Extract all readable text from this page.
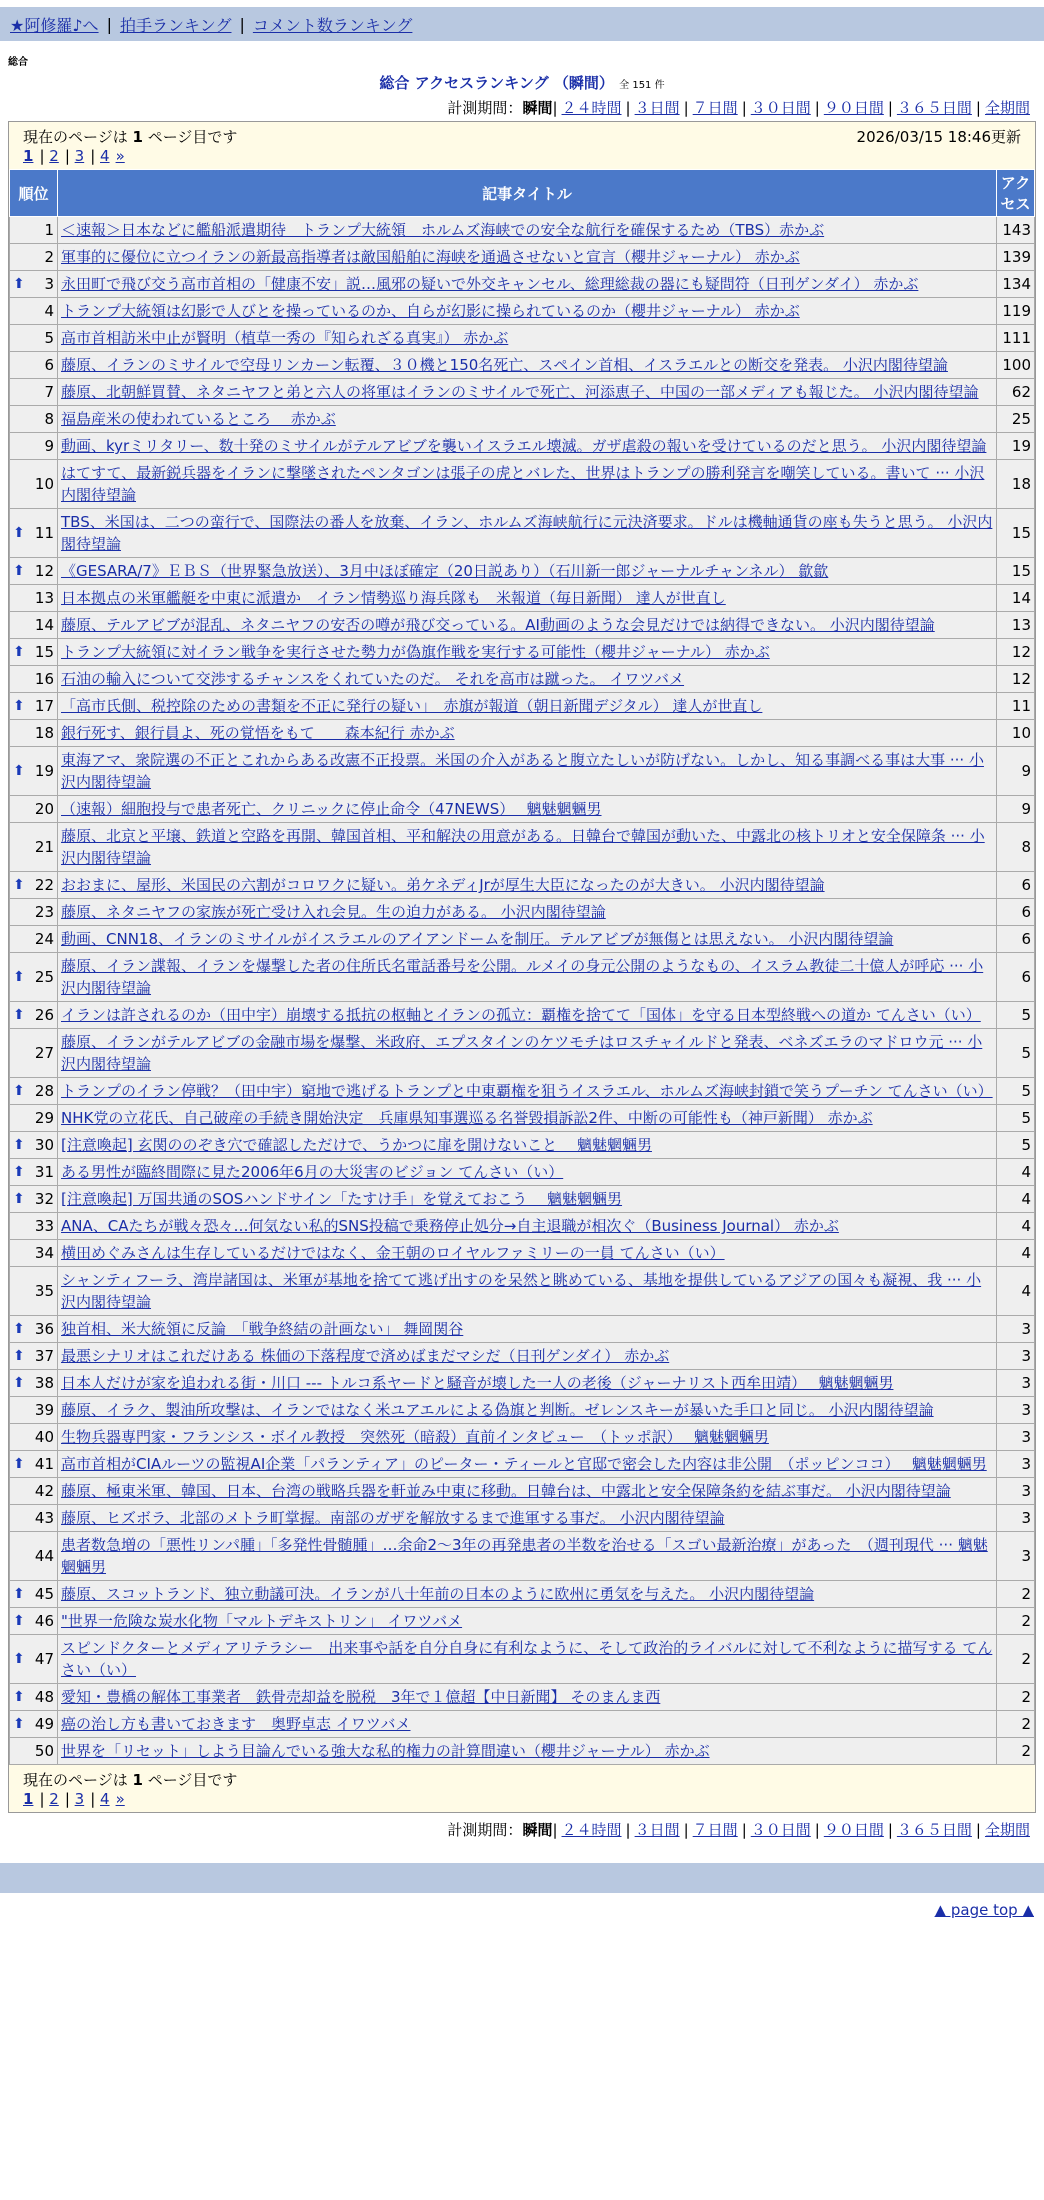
★阿修羅♪へ | 拍手ランキング | コメント数ランキング
総合
総合 アクセスランキング （瞬間） 全 151 件
計測期間：瞬間| ２４時間 | ３日間 | ７日間 | ３０日間 | ９０日間 | ３６５日間 | 全期間
現在のページは 1 ページ目です	2026/03/15 18:46更新
1 | 2 | 3 | 4 »
順位	記事タイトル	アクセス
1	＜速報＞日本などに艦船派遣期待　トランプ大統領　ホルムズ海峡での安全な航行を確保するため（TBS）赤かぶ	143
2	軍事的に優位に立つイランの新最高指導者は敵国船舶に海峡を通過させないと宣言（櫻井ジャーナル） 赤かぶ	139

⬆ 3	永田町で飛び交う高市首相の「健康不安」説…風邪の疑いで外交キャンセル、総理総裁の器にも疑問符（日刊ゲンダイ） 赤かぶ	134
4	トランプ大統領は幻影で人びとを操っているのか、自らが幻影に操られているのか（櫻井ジャーナル） 赤かぶ	119
5	高市首相訪米中止が賢明（植草一秀の『知られざる真実』） 赤かぶ	111
6	藤原、イランのミサイルで空母リンカーン転覆、３０機と150名死亡、スペイン首相、イスラエルとの断交を発表。 小沢内閣待望論	100
7	藤原、北朝鮮買賛、ネタニヤフと弟と六人の将軍はイランのミサイルで死亡、河添恵子、中国の一部メディアも報じた。 小沢内閣待望論	62
8	福島産米の使われているところ　 赤かぶ	25
9	動画、kyrミリタリー、数十発のミサイルがテルアビブを襲いイスラエル壊滅。ガザ虐殺の報いを受けているのだと思う。 小沢内閣待望論	19
10	はてすて、最新鋭兵器をイランに撃墜されたペンタゴンは張子の虎とバレた、世界はトランプの勝利発言を嘲笑している。書いて ··· 小沢内閣待望論	18

⬆ 11	TBS、米国は、二つの蛮行で、国際法の番人を放棄、イラン、ホルムズ海峡航行に元決済要求。ドルは機軸通貨の座も失うと思う。 小沢内閣待望論	15

⬆ 12	《GESARA/7》ＥＢＳ（世界緊急放送）、3月中ほぼ確定（20日説あり）（石川新一郎ジャーナルチャンネル） 歙歙	15
13	日本拠点の米軍艦艇を中東に派遣か　イラン情勢巡り海兵隊も　米報道（毎日新聞） 達人が世直し	14
14	藤原、テルアビブが混乱、ネタニヤフの安否の噂が飛び交っている。AI動画のような会見だけでは納得できない。 小沢内閣待望論	13

⬆ 15	トランプ大統領に対イラン戦争を実行させた勢力が偽旗作戦を実行する可能性（櫻井ジャーナル） 赤かぶ	12
16	石油の輸入について交渉するチャンスをくれていたのだ。 それを高市は蹴った。 イワツバメ	12

⬆ 17	「高市氏側、税控除のための書類を不正に発行の疑い」　赤旗が報道（朝日新聞デジタル） 達人が世直し	11
18	銀行死す、銀行員よ、死の覚悟をもて　　森本紀行 赤かぶ	10

⬆ 19	東海アマ、衆院選の不正とこれからある改憲不正投票。米国の介入があると腹立たしいが防げない。しかし、知る事調べる事は大事 ··· 小沢内閣待望論	9
20	（速報）細胞投与で患者死亡、クリニックに停止命令（47NEWS）　 魑魅魍魎男	9
21	藤原、北京と平壌、鉄道と空路を再開、韓国首相、平和解決の用意がある。日韓台で韓国が動いた、中露北の核トリオと安全保障条 ··· 小沢内閣待望論	8

⬆ 22	おおまに、屋形、米国民の六割がコロワクに疑い。弟ケネディJrが厚生大臣になったのが大きい。 小沢内閣待望論	6
23	藤原、ネタニヤフの家族が死亡受け入れ会見。生の迫力がある。 小沢内閣待望論	6
24	動画、CNN18、イランのミサイルがイスラエルのアイアンドームを制圧。テルアビブが無傷とは思えない。 小沢内閣待望論	6

⬆ 25	藤原、イラン諜報、イランを爆撃した者の住所氏名電話番号を公開。ルメイの身元公開のようなもの、イスラム教徒二十億人が呼応 ··· 小沢内閣待望論	6

⬆ 26	イランは許されるのか（田中宇）崩壊する抵抗の枢軸とイランの孤立：覇権を捨てて「国体」を守る日本型終戦への道か てんさい（い）	5
27	藤原、イランがテルアビブの金融市場を爆撃、米政府、エプスタインのケツモチはロスチャイルドと発表、ベネズエラのマドロウ元 ··· 小沢内閣待望論	5

⬆ 28	トランプのイラン停戦？（田中宇）窮地で逃げるトランプと中東覇権を狙うイスラエル、ホルムズ海峡封鎖で笑うプーチン てんさい（い）	5
29	NHK党の立花氏、自己破産の手続き開始決定　兵庫県知事選巡る名誉毀損訴訟2件、中断の可能性も（神戸新聞） 赤かぶ	5

⬆ 30	[注意喚起] 玄関ののぞき穴で確認しただけで、うかつに扉を開けないこと　 魑魅魍魎男	5

⬆ 31	ある男性が臨終間際に見た2006年6月の大災害のビジョン てんさい（い）	4

⬆ 32	[注意喚起] 万国共通のSOSハンドサイン「たすけ手」を覚えておこう　 魑魅魍魎男	4
33	ANA、CAたちが戦々恐々…何気ない私的SNS投稿で乗務停止処分→自主退職が相次ぐ（Business Journal） 赤かぶ	4
34	横田めぐみさんは生存しているだけではなく、金王朝のロイヤルファミリーの一員 てんさい（い）	4
35	シャンティフーラ、湾岸諸国は、米軍が基地を捨てて逃げ出すのを呆然と眺めている、基地を提供しているアジアの国々も凝視、我 ··· 小沢内閣待望論	4

⬆ 36	独首相、米大統領に反論　「戦争終結の計画ない」 舞岡関谷	3

⬆ 37	最悪シナリオはこれだけある 株価の下落程度で済めばまだマシだ（日刊ゲンダイ） 赤かぶ	3

⬆ 38	日本人だけが家を追われる街・川口 --- トルコ系ヤードと騒音が壊した一人の老後（ジャーナリスト西牟田靖）　 魑魅魍魎男	3
39	藤原、イラク、製油所攻撃は、イランではなく米ユアエルによる偽旗と判断。ゼレンスキーが暴いた手口と同じ。 小沢内閣待望論	3
40	生物兵器専門家・フランシス・ボイル教授　突然死（暗殺）直前インタビュー　（トッポ訳）　 魑魅魍魎男	3

⬆ 41	高市首相がCIAルーツの監視AI企業「パランティア」のピーター・ティールと官邸で密会した内容は非公開　（ポッピンココ）　 魑魅魍魎男	3
42	藤原、極東米軍、韓国、日本、台湾の戦略兵器を軒並み中東に移動。日韓台は、中露北と安全保障条約を結ぶ事だ。 小沢内閣待望論	3
43	藤原、ヒズボラ、北部のメトラ町掌握。南部のガザを解放するまで進軍する事だ。 小沢内閣待望論	3
44	患者数急増の「悪性リンパ腫」「多発性骨髄腫」…余命2～3年の再発患者の半数を治せる「スゴい最新治療」があった　（週刊現代 ··· 魑魅魍魎男	3

⬆ 45	藤原、スコットランド、独立動議可決。イランが八十年前の日本のように欧州に勇気を与えた。 小沢内閣待望論	2

⬆ 46	"世界一危険な炭水化物「マルトデキストリン」 イワツバメ	2

⬆ 47	スピンドクターとメディアリテラシー　出来事や話を自分自身に有利なように、そして政治的ライバルに対して不利なように描写する てんさい（い）	2

⬆ 48	愛知・豊橋の解体工事業者　鉄骨売却益を脱税　3年で１億超【中日新聞】 そのまんま西	2

⬆ 49	癌の治し方も書いておきます　奥野卓志 イワツバメ	2
50	世界を「リセット」しよう目論んでいる強大な私的権力の計算間違い（櫻井ジャーナル） 赤かぶ	2
現在のページは 1 ページ目です
1 | 2 | 3 | 4 »
計測期間：瞬間| ２４時間 | ３日間 | ７日間 | ３０日間 | ９０日間 | ３６５日間 | 全期間
▲ page top ▲
